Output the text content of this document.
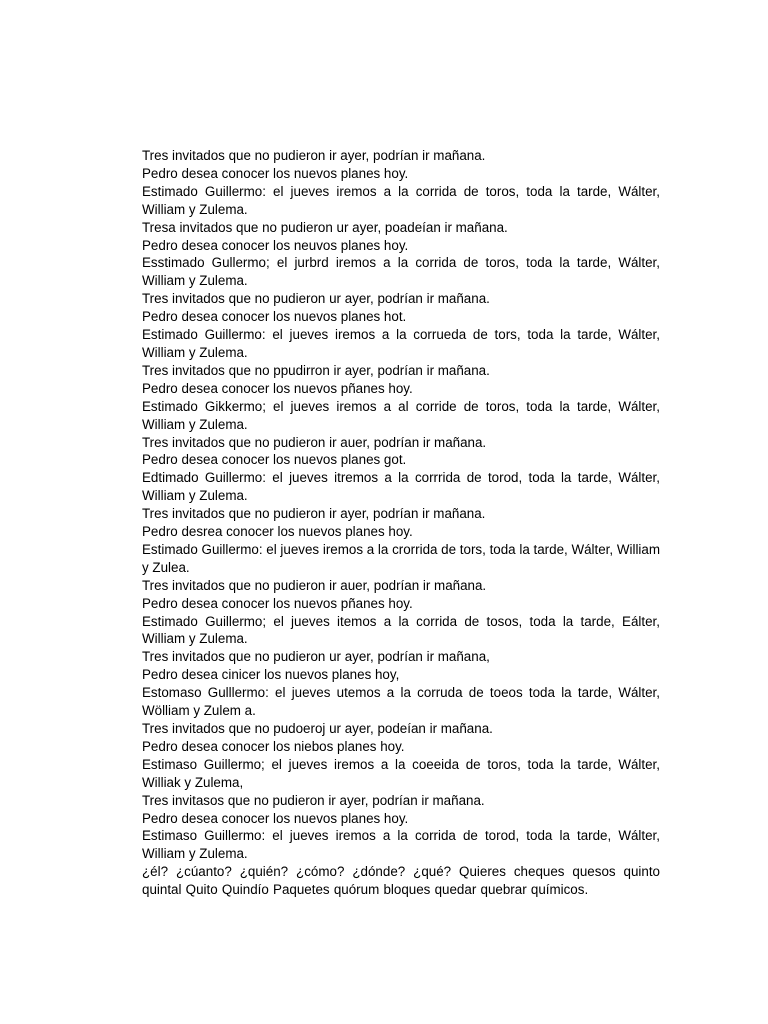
Tres invitados que no pudieron ir ayer, podrían ir mañana.

Pedro desea conocer los nuevos planes hoy.

Estimado Guillermo: el jueves iremos a la corrida de toros, toda la tarde, Wálter, William y Zulema.

Tresa invitados que no pudieron ur ayer, poadeían ir mañana.

Pedro desea conocer los neuvos planes hoy.

Esstimado Gullermo; el jurbrd iremos a la corrida de toros, toda la tarde, Wálter, William y Zulema.

Tres invitados que no pudieron ur ayer, podrían ir mañana.

Pedro desea conocer los nuevos planes hot.

Estimado Guillermo: el jueves iremos a la corrueda de tors, toda la tarde, Wálter, William y Zulema.

Tres invitados que no ppudirron ir ayer, podrían ir mañana.

Pedro desea conocer los nuevos pñanes hoy.

Estimado Gikkermo; el jueves iremos a al corride de toros, toda la tarde, Wálter, William y Zulema.

Tres invitados que no pudieron ir auer, podrían ir mañana.

Pedro desea conocer los nuevos planes got.

Edtimado Guillermo: el jueves itremos a la corrrida de torod, toda la tarde, Wálter, William y Zulema.

Tres invitados que no pudieron ir ayer, podrían ir mañana.

Pedro desrea conocer los nuevos planes hoy.

Estimado Guillermo: el jueves iremos a la crorrida de tors, toda la tarde, Wálter, William y Zulea.

Tres invitados que no pudieron ir auer, podrían ir mañana.

Pedro desea conocer los nuevos pñanes hoy.

Estimado Guillermo; el jueves itemos a la corrida de tosos, toda la tarde, Eálter, William y Zulema.

Tres invitados que no pudieron ur ayer, podrían ir mañana,

Pedro desea cinicer los nuevos planes hoy,

Estomaso Gulllermo: el jueves utemos a la corruda de toeos toda la tarde, Wálter, Wölliam y Zulem a.

Tres invitados que no pudoeroj ur ayer, podeían ir mañana.

Pedro desea conocer los niebos planes hoy.

Estimaso Guillermo; el jueves iremos a la coeeida de toros, toda la tarde, Wálter, Williak y Zulema,

Tres invitasos que no pudieron ir ayer, podrían ir mañana.

Pedro desea conocer los nuevos planes hoy.

Estimaso Guillermo: el jueves iremos a la corrida de torod, toda la tarde, Wálter, William y Zulema.

¿él? ¿cúanto? ¿quién? ¿cómo? ¿dónde? ¿qué? Quieres cheques quesos quinto quintal Quito Quindío Paquetes quórum bloques quedar quebrar químicos.
